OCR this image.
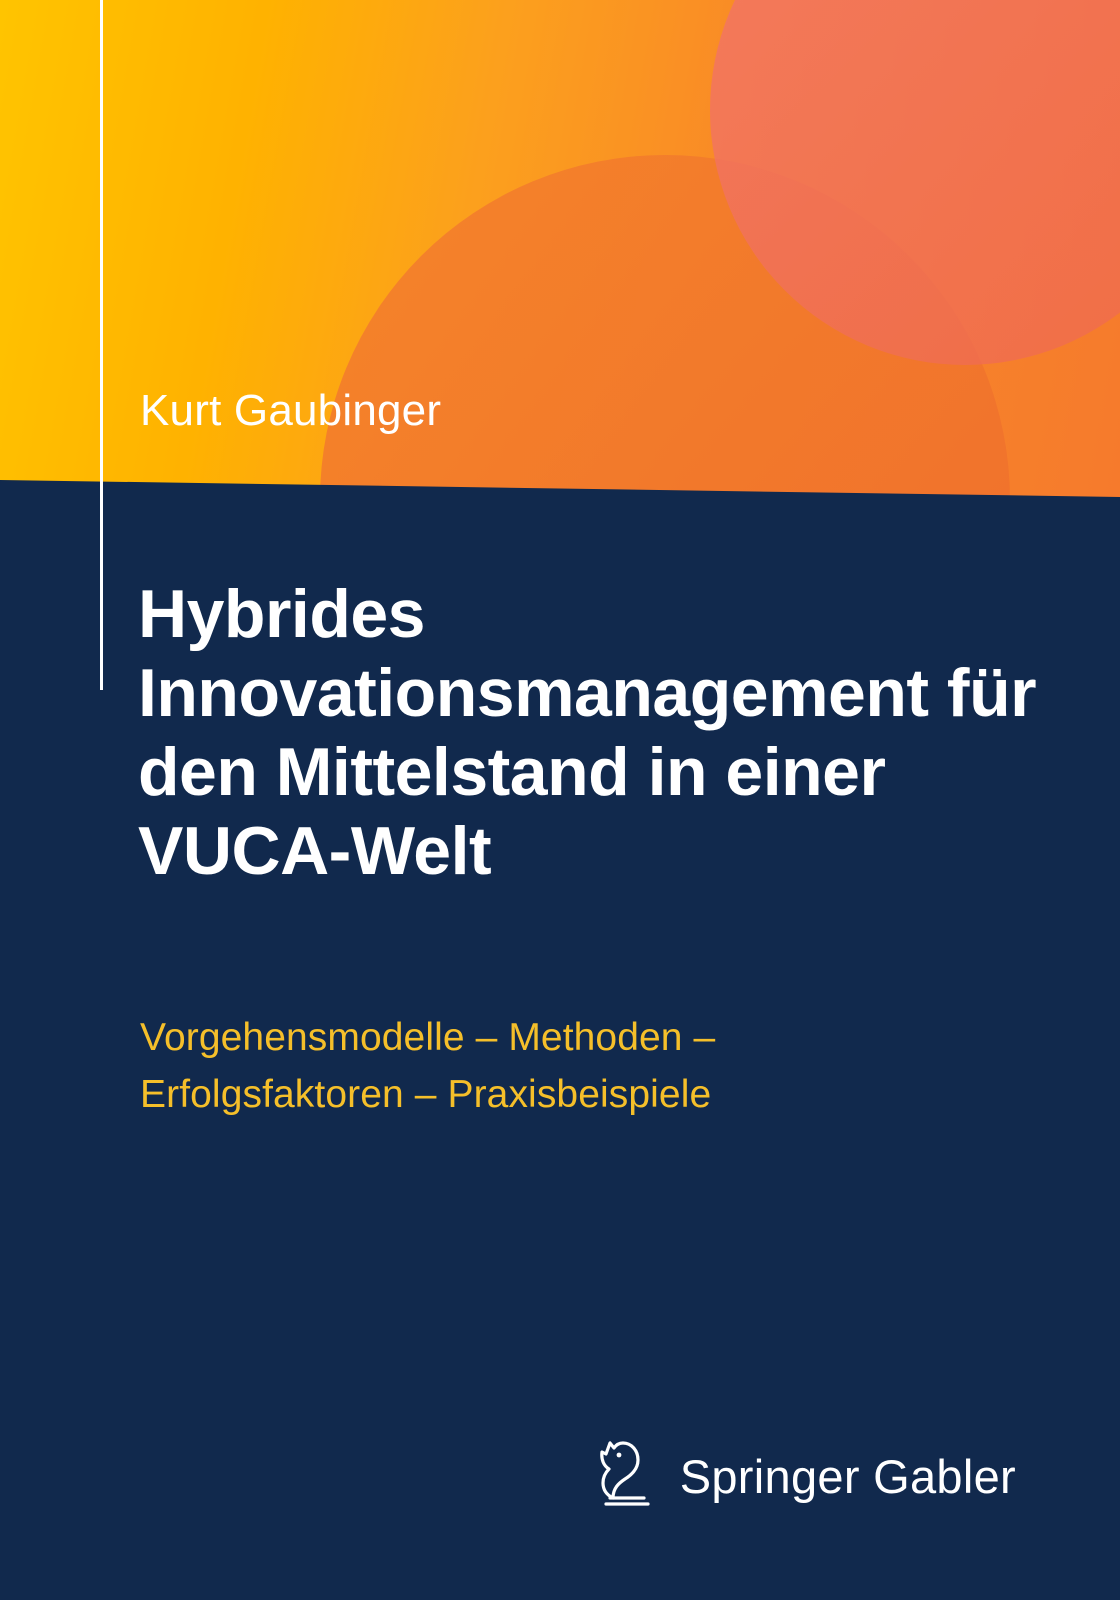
Kurt Gaubinger
Hybrides Innovationsmanagement für den Mittelstand in einer VUCA-Welt
Vorgehensmodelle – Methoden –
Erfolgsfaktoren – Praxisbeispiele
Springer Gabler
